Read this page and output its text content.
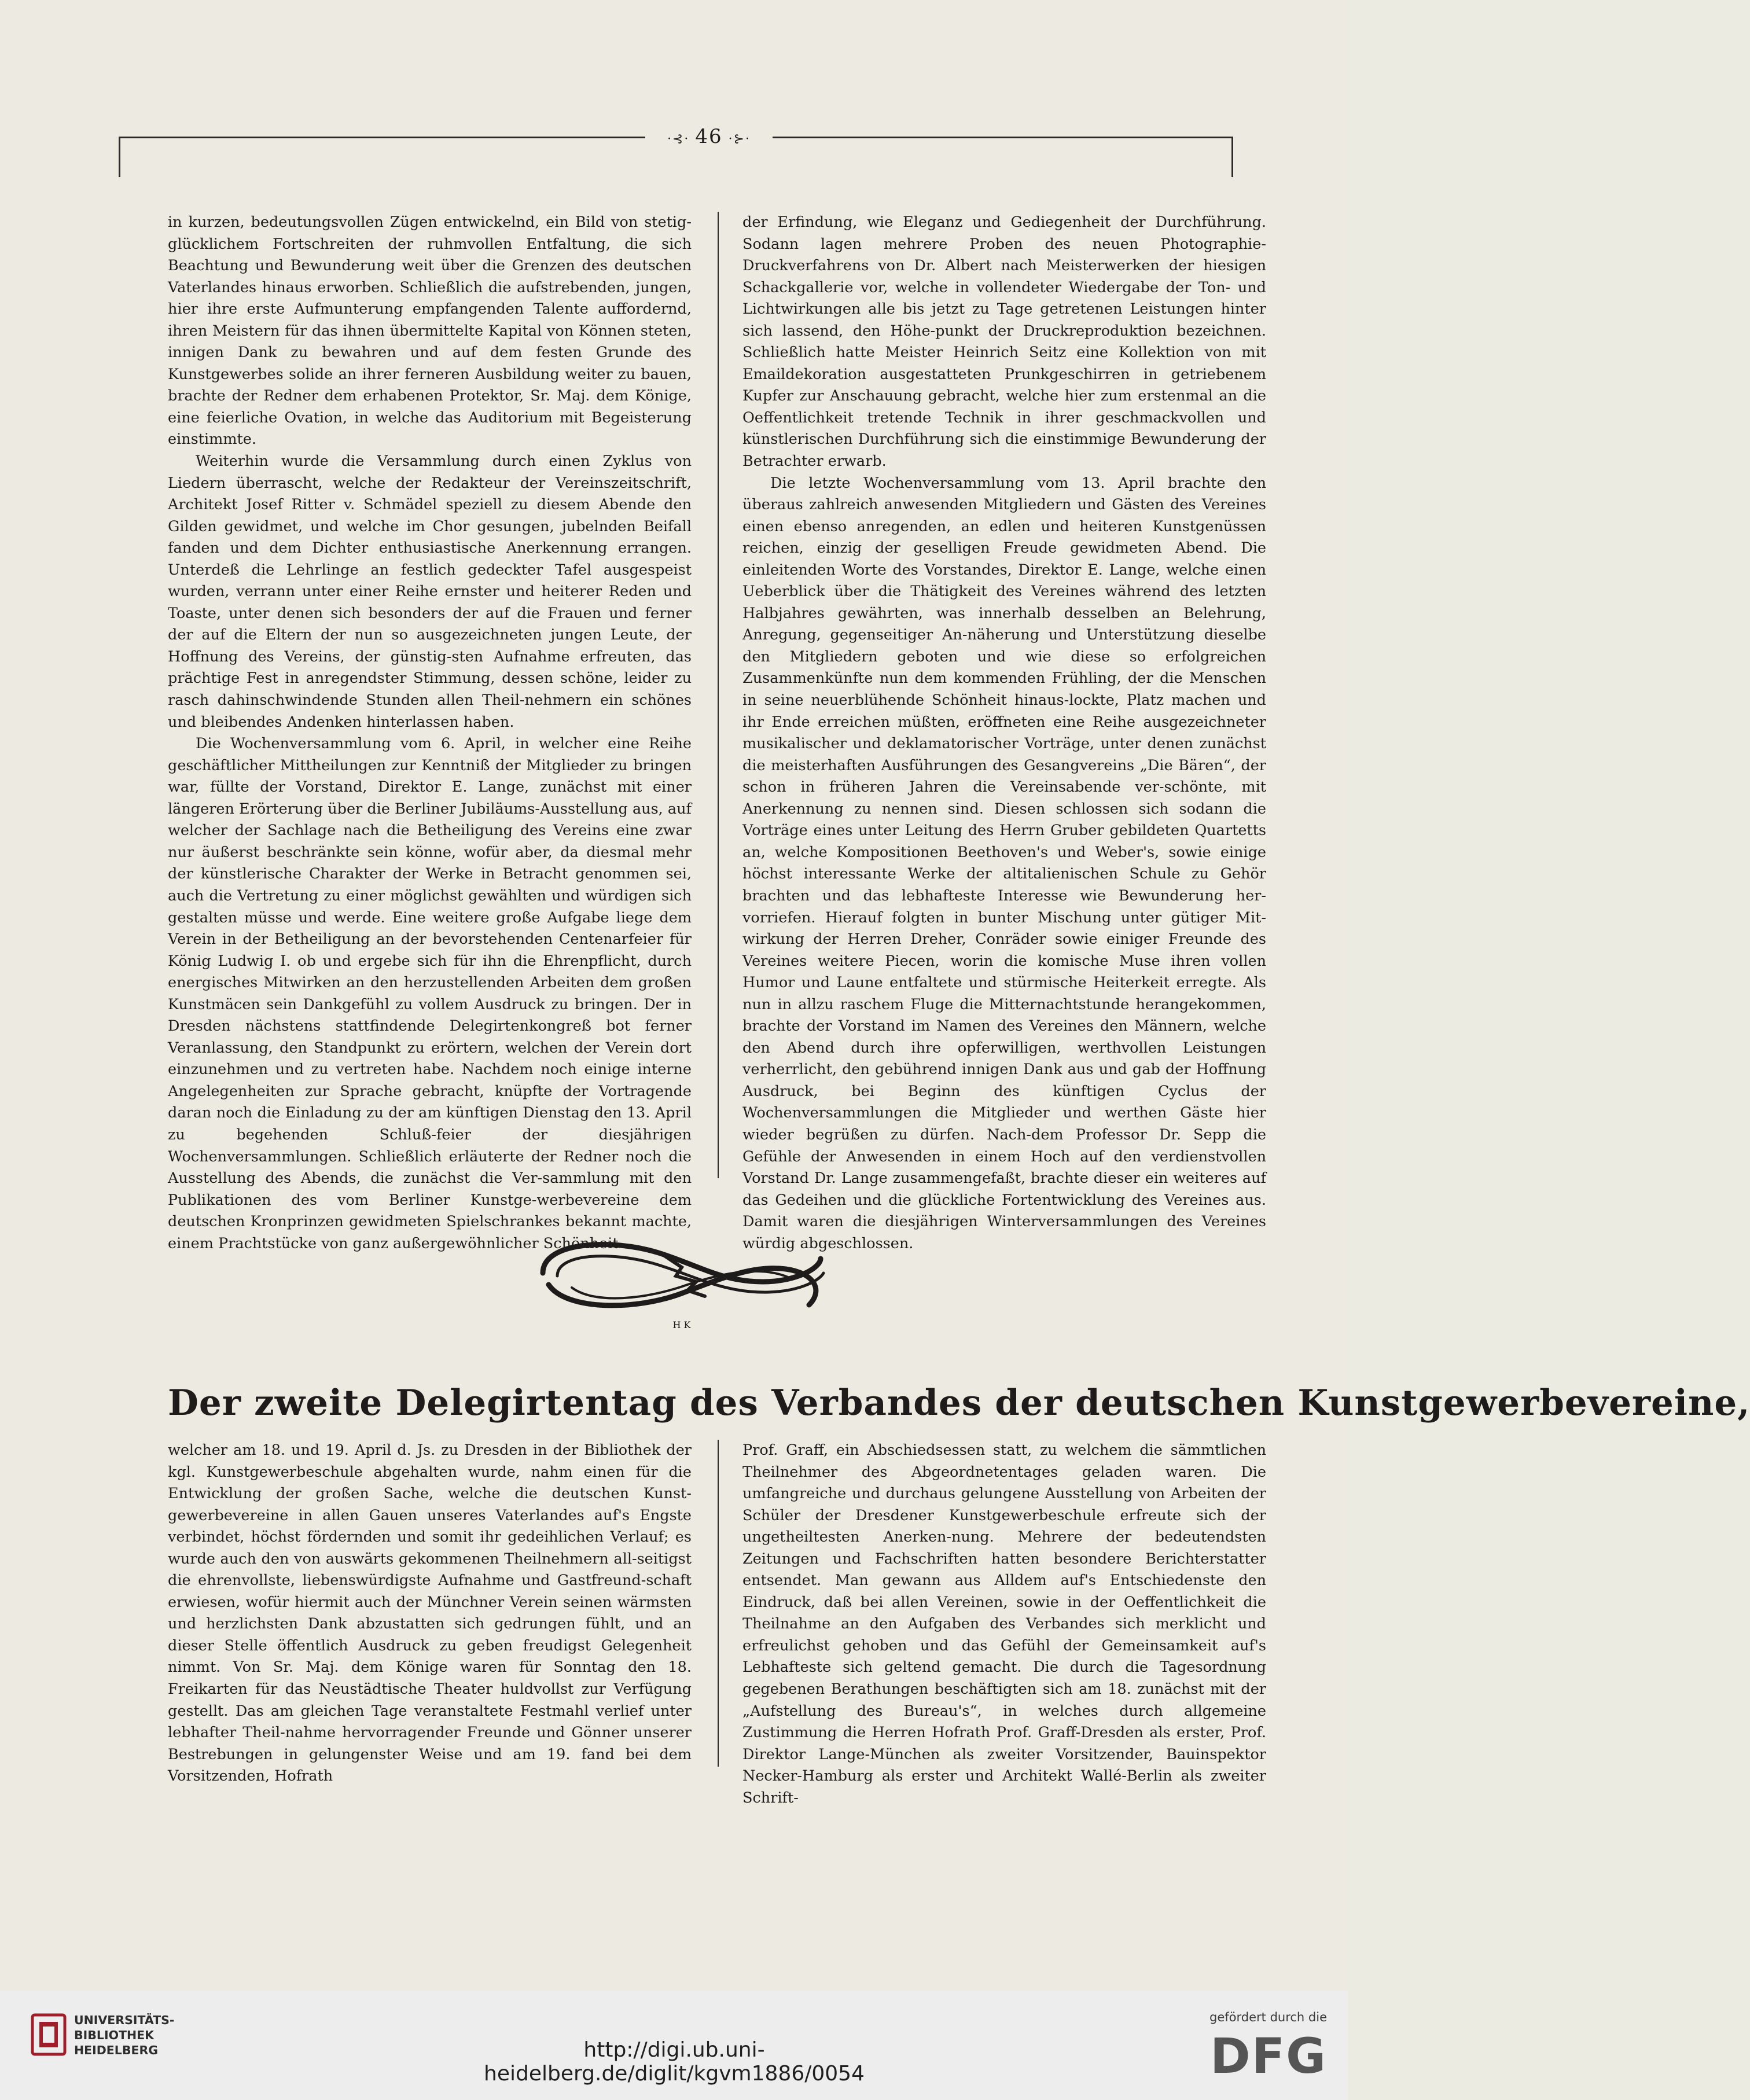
·⊰· 46 ·⊱·

in kurzen, bedeutungsvollen Zügen entwickelnd, ein Bild von stetig-glücklichem Fortschreiten der ruhmvollen Entfaltung, die sich Beachtung und Bewunderung weit über die Grenzen des deutschen Vaterlandes hinaus erworben. Schließlich die aufstrebenden, jungen, hier ihre erste Aufmunterung empfangenden Talente auffordernd, ihren Meistern für das ihnen übermittelte Kapital von Können steten, innigen Dank zu bewahren und auf dem festen Grunde des Kunstgewerbes solide an ihrer ferneren Ausbildung weiter zu bauen, brachte der Redner dem erhabenen Protektor, Sr. Maj. dem Könige, eine feierliche Ovation, in welche das Auditorium mit Begeisterung einstimmte.

Weiterhin wurde die Versammlung durch einen Zyklus von Liedern überrascht, welche der Redakteur der Vereinszeitschrift, Architekt Josef Ritter v. Schmädel speziell zu diesem Abende den Gilden gewidmet, und welche im Chor gesungen, jubelnden Beifall fanden und dem Dichter enthusiastische Anerkennung errangen. Unterdeß die Lehrlinge an festlich gedeckter Tafel ausgespeist wurden, verrann unter einer Reihe ernster und heiterer Reden und Toaste, unter denen sich besonders der auf die Frauen und ferner der auf die Eltern der nun so ausgezeichneten jungen Leute, der Hoffnung des Vereins, der günstig-sten Aufnahme erfreuten, das prächtige Fest in anregendster Stimmung, dessen schöne, leider zu rasch dahinschwindende Stunden allen Theil-nehmern ein schönes und bleibendes Andenken hinterlassen haben.

Die Wochenversammlung vom 6. April, in welcher eine Reihe geschäftlicher Mittheilungen zur Kenntniß der Mitglieder zu bringen war, füllte der Vorstand, Direktor E. Lange, zunächst mit einer längeren Erörterung über die Berliner Jubiläums-Ausstellung aus, auf welcher der Sachlage nach die Betheiligung des Vereins eine zwar nur äußerst beschränkte sein könne, wofür aber, da diesmal mehr der künstlerische Charakter der Werke in Betracht genommen sei, auch die Vertretung zu einer möglichst gewählten und würdigen sich gestalten müsse und werde. Eine weitere große Aufgabe liege dem Verein in der Betheiligung an der bevorstehenden Centenarfeier für König Ludwig I. ob und ergebe sich für ihn die Ehrenpflicht, durch energisches Mitwirken an den herzustellenden Arbeiten dem großen Kunstmäcen sein Dankgefühl zu vollem Ausdruck zu bringen. Der in Dresden nächstens stattfindende Delegirtenkongreß bot ferner Veranlassung, den Standpunkt zu erörtern, welchen der Verein dort einzunehmen und zu vertreten habe. Nachdem noch einige interne Angelegenheiten zur Sprache gebracht, knüpfte der Vortragende daran noch die Einladung zu der am künftigen Dienstag den 13. April zu begehenden Schluß-feier der diesjährigen Wochenversammlungen. Schließlich erläuterte der Redner noch die Ausstellung des Abends, die zunächst die Ver-sammlung mit den Publikationen des vom Berliner Kunstge-werbevereine dem deutschen Kronprinzen gewidmeten Spielschrankes bekannt machte, einem Prachtstücke von ganz außergewöhnlicher Schönheit

der Erfindung, wie Eleganz und Gediegenheit der Durchführung. Sodann lagen mehrere Proben des neuen Photographie-Druckverfahrens von Dr. Albert nach Meisterwerken der hiesigen Schackgallerie vor, welche in vollendeter Wiedergabe der Ton- und Lichtwirkungen alle bis jetzt zu Tage getretenen Leistungen hinter sich lassend, den Höhe-punkt der Druckreproduktion bezeichnen. Schließlich hatte Meister Heinrich Seitz eine Kollektion von mit Emaildekoration ausgestatteten Prunkgeschirren in getriebenem Kupfer zur Anschauung gebracht, welche hier zum erstenmal an die Oeffentlichkeit tretende Technik in ihrer geschmackvollen und künstlerischen Durchführung sich die einstimmige Bewunderung der Betrachter erwarb.

Die letzte Wochenversammlung vom 13. April brachte den überaus zahlreich anwesenden Mitgliedern und Gästen des Vereines einen ebenso anregenden, an edlen und heiteren Kunstgenüssen reichen, einzig der geselligen Freude gewidmeten Abend. Die einleitenden Worte des Vorstandes, Direktor E. Lange, welche einen Ueberblick über die Thätigkeit des Vereines während des letzten Halbjahres gewährten, was innerhalb desselben an Belehrung, Anregung, gegenseitiger An-näherung und Unterstützung dieselbe den Mitgliedern geboten und wie diese so erfolgreichen Zusammenkünfte nun dem kommenden Frühling, der die Menschen in seine neuerblühende Schönheit hinaus-lockte, Platz machen und ihr Ende erreichen müßten, eröffneten eine Reihe ausgezeichneter musikalischer und deklamatorischer Vorträge, unter denen zunächst die meisterhaften Ausführungen des Gesangvereins „Die Bären“, der schon in früheren Jahren die Vereinsabende ver-schönte, mit Anerkennung zu nennen sind. Diesen schlossen sich sodann die Vorträge eines unter Leitung des Herrn Gruber gebildeten Quartetts an, welche Kompositionen Beethoven's und Weber's, sowie einige höchst interessante Werke der altitalienischen Schule zu Gehör brachten und das lebhafteste Interesse wie Bewunderung her-vorriefen. Hierauf folgten in bunter Mischung unter gütiger Mit-wirkung der Herren Dreher, Conräder sowie einiger Freunde des Vereines weitere Piecen, worin die komische Muse ihren vollen Humor und Laune entfaltete und stürmische Heiterkeit erregte. Als nun in allzu raschem Fluge die Mitternachtstunde herangekommen, brachte der Vorstand im Namen des Vereines den Männern, welche den Abend durch ihre opferwilligen, werthvollen Leistungen verherrlicht, den gebührend innigen Dank aus und gab der Hoffnung Ausdruck, bei Beginn des künftigen Cyclus der Wochenversammlungen die Mitglieder und werthen Gäste hier wieder begrüßen zu dürfen. Nach-dem Professor Dr. Sepp die Gefühle der Anwesenden in einem Hoch auf den verdienstvollen Vorstand Dr. Lange zusammengefaßt, brachte dieser ein weiteres auf das Gedeihen und die glückliche Fortentwicklung des Vereines aus. Damit waren die diesjährigen Winterversammlungen des Vereines würdig abgeschlossen.

H K
Der zweite Delegirtentag des Verbandes der deutschen Kunstgewerbevereine,

welcher am 18. und 19. April d. Js. zu Dresden in der Bibliothek der kgl. Kunstgewerbeschule abgehalten wurde, nahm einen für die Entwicklung der großen Sache, welche die deutschen Kunst-gewerbevereine in allen Gauen unseres Vaterlandes auf's Engste verbindet, höchst fördernden und somit ihr gedeihlichen Verlauf; es wurde auch den von auswärts gekommenen Theilnehmern all-seitigst die ehrenvollste, liebenswürdigste Aufnahme und Gastfreund-schaft erwiesen, wofür hiermit auch der Münchner Verein seinen wärmsten und herzlichsten Dank abzustatten sich gedrungen fühlt, und an dieser Stelle öffentlich Ausdruck zu geben freudigst Gelegenheit nimmt. Von Sr. Maj. dem Könige waren für Sonntag den 18. Freikarten für das Neustädtische Theater huldvollst zur Verfügung gestellt. Das am gleichen Tage veranstaltete Festmahl verlief unter lebhafter Theil-nahme hervorragender Freunde und Gönner unserer Bestrebungen in gelungenster Weise und am 19. fand bei dem Vorsitzenden, Hofrath

Prof. Graff, ein Abschiedsessen statt, zu welchem die sämmtlichen Theilnehmer des Abgeordnetentages geladen waren. Die umfangreiche und durchaus gelungene Ausstellung von Arbeiten der Schüler der Dresdener Kunstgewerbeschule erfreute sich der ungetheiltesten Anerken-nung. Mehrere der bedeutendsten Zeitungen und Fachschriften hatten besondere Berichterstatter entsendet. Man gewann aus Alldem auf's Entschiedenste den Eindruck, daß bei allen Vereinen, sowie in der Oeffentlichkeit die Theilnahme an den Aufgaben des Verbandes sich merklicht und erfreulichst gehoben und das Gefühl der Gemeinsamkeit auf's Lebhafteste sich geltend gemacht. Die durch die Tagesordnung gegebenen Berathungen beschäftigten sich am 18. zunächst mit der „Aufstellung des Bureau's“, in welches durch allgemeine Zustimmung die Herren Hofrath Prof. Graff-Dresden als erster, Prof. Direktor Lange-München als zweiter Vorsitzender, Bauinspektor Necker-Hamburg als erster und Architekt Wallé-Berlin als zweiter Schrift-

UNIVERSITÄTS-
BIBLIOTHEK
HEIDELBERG	http://digi.ub.uni-heidelberg.de/diglit/kgvm1886/0054
gefördert durch die
DFG
